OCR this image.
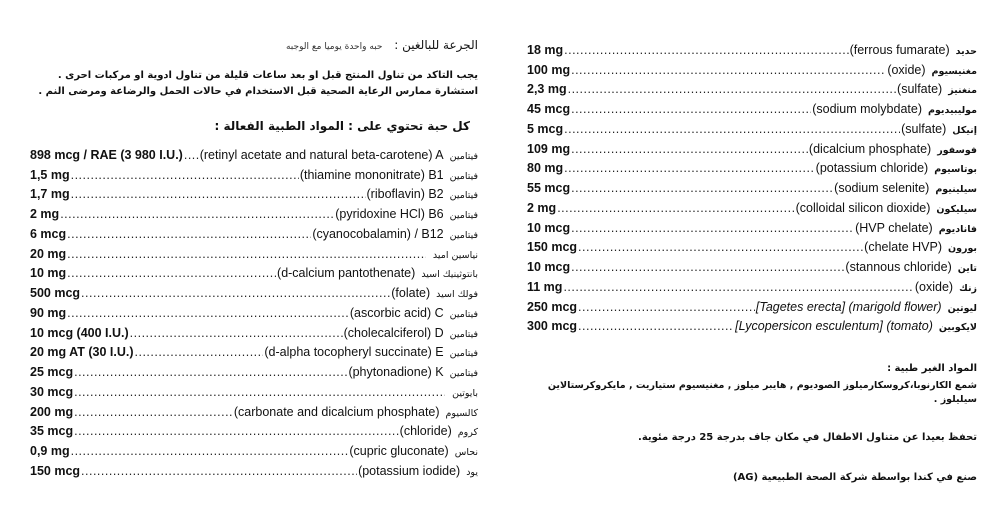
الجرعة للبالغين : حبه واحدة يوميا مع الوجبه
يجب التاكد من تناول المنتج قبل او بعد ساعات قليلة من تناول ادوية او مركبات احرى .
استشارة ممارس الرعاية الصحية قبل الاستخدام في حالات الحمل والرضاعة ومرضى النم .
كل حبة تحتوي على : المواد الطبية الفعالة :
898 mcg / RAE (3 980 I.U.) ..... (retinyl acetate and natural beta-carotene) A فيتامين
1,5 mg .....	(thiamine mononitrate) B1 فيتامين
1,7 mg .....	(riboflavin) B2 فيتامين
2 mg .....	(pyridoxine HCl) B6 فيتامين
6 mcg .....	(cyanocobalamin) / B12 فيتامين
20 mg .....	نياسين اميد
10 mg .....	(d-calcium pantothenate) بانتوثينيك اسيد
500 mcg .....	(folate) فولك اسيد
90 mg .....	(ascorbic acid) C فيتامين
10 mcg (400 I.U.) .....	(cholecalciferol) D فيتامين
20 mg AT (30 I.U.) .....	(d-alpha tocopheryl succinate) E فيتامين
25 mcg .....	(phytonadione) K فيتامين
30 mcg .....	بايوتين
200 mg .....	(carbonate and dicalcium phosphate) كالسيوم
35 mcg .....	(chloride) كروم
0,9 mg .....	(cupric gluconate) نحاس
150 mcg .....	(potassium iodide) يود
18 mg .....	(ferrous fumarate) حديد
100 mg .....	(oxide) مغنيسيوم
2,3 mg .....	(sulfate) منغنيز
45 mcg .....	(sodium molybdate) موليبيديوم
5 mcg .....	(sulfate) إنيكل
109 mg .....	(dicalcium phosphate) فوسفور
80 mg .....	(potassium chloride) بوتاسيوم
55 mcg .....	(sodium selenite) سيلينيوم
2 mg .....	(colloidal silicon dioxide) سيليكون
10 mcg .....	(HVP chelate) فاناديوم
150 mcg .....	(chelate HVP) بورون
10 mcg .....	(stannous chloride) تاين
11 mg .....	(oxide) زنك
250 mcg .....	[Tagetes erecta] (marigold flower) ليوتين
300 mcg .....	[Lycopersicon esculentum] (tomato) لايكوبين
المواد الغير طبية :
شمع الكارنوبا،كروسكارميلوز الصوديوم , هايبر ميلوز , مغنيسيوم ستياريت , مايكروكرستالاين سيليلوز .
تحفظ بعيدا عن متناول الاطفال في مكان جاف بدرجة 25 درجة مئوية.
صنع في كندا بواسطة شركة الصحة الطبيعية (AG)
